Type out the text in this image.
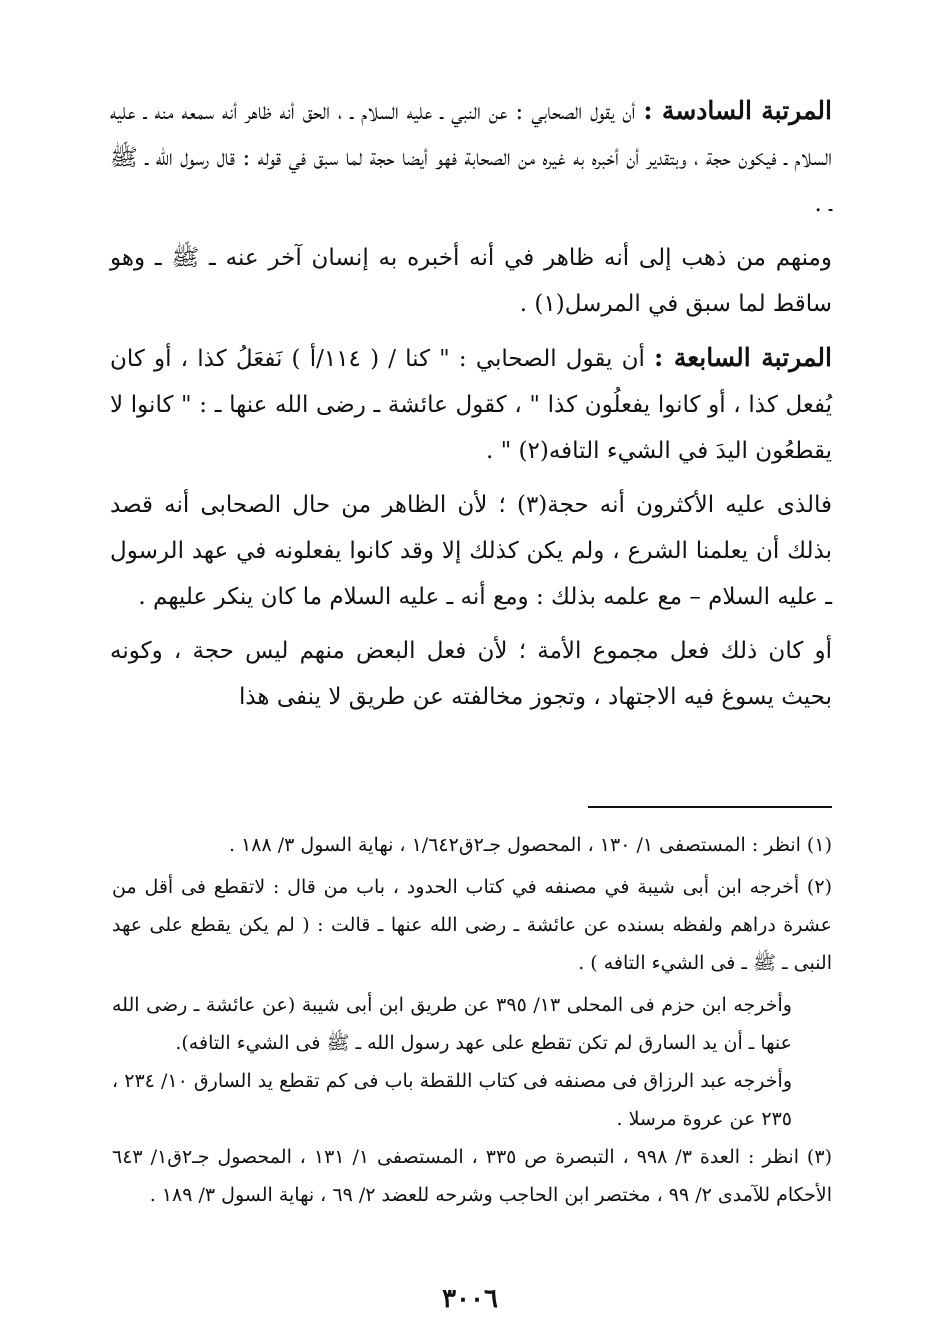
المرتبة السادسة : أن يقول الصحابي : عن النبي ـ عليه السلام ـ ، الحق أنه ظاهر أنه سمعه منه ـ عليه السلام ـ فيكون حجة ، وبتقدير أن أخبره به غيره من الصحابة فهو أيضا حجة لما سبق في قوله : قال رسول الله ـ ﷺ ـ .

ومنهم من ذهب إلى أنه ظاهر في أنه أخبره به إنسان آخر عنه ـ ﷺ ـ وهو ساقط لما سبق في المرسل(١) .

المرتبة السابعة : أن يقول الصحابي : " كنا / ( ١١٤/أ ) نَفعَلُ كذا ، أو كان يُفعل كذا ، أو كانوا يفعلُون كذا " ، كقول عائشة ـ رضى الله عنها ـ : " كانوا لا يقطعُون اليدَ في الشيء التافه(٢) " .

فالذى عليه الأكثرون أنه حجة(٣) ؛ لأن الظاهر من حال الصحابى أنه قصد بذلك أن يعلمنا الشرع ، ولم يكن كذلك إلا وقد كانوا يفعلونه في عهد الرسول ـ عليه السلام – مع علمه بذلك : ومع أنه ـ عليه السلام ما كان ينكر عليهم .

أو كان ذلك فعل مجموع الأمة ؛ لأن فعل البعض منهم ليس حجة ، وكونه بحيث يسوغ فيه الاجتهاد ، وتجوز مخالفته عن طريق لا ينفى هذا

(١) انظر : المستصفى ١/ ١٣٠ ، المحصول جـ٢ق١/٦٤٢ ، نهاية السول ٣/ ١٨٨ .

(٢) أخرجه ابن أبى شيبة في مصنفه في كتاب الحدود ، باب من قال : لاتقطع فى أقل من عشرة دراهم ولفظه بسنده عن عائشة ـ رضى الله عنها ـ قالت : ( لم يكن يقطع على عهد النبى ـ ﷺ ـ فى الشيء التافه ) .

وأخرجه ابن حزم فى المحلى ١٣/ ٣٩٥ عن طريق ابن أبى شيبة (عن عائشة ـ رضى الله عنها ـ أن يد السارق لم تكن تقطع على عهد رسول الله ـ ﷺ فى الشيء التافه).

وأخرجه عبد الرزاق فى مصنفه فى كتاب اللقطة باب فى كم تقطع يد السارق ١٠/ ٢٣٤ ، ٢٣٥ عن عروة مرسلا .

(٣) انظر : العدة ٣/ ٩٩٨ ، التبصرة ص ٣٣٥ ، المستصفى ١/ ١٣١ ، المحصول جـ٢ق١/ ٦٤٣ الأحكام للآمدى ٢/ ٩٩ ، مختصر ابن الحاجب وشرحه للعضد ٢/ ٦٩ ، نهاية السول ٣/ ١٨٩ .

٣٠٠٦
